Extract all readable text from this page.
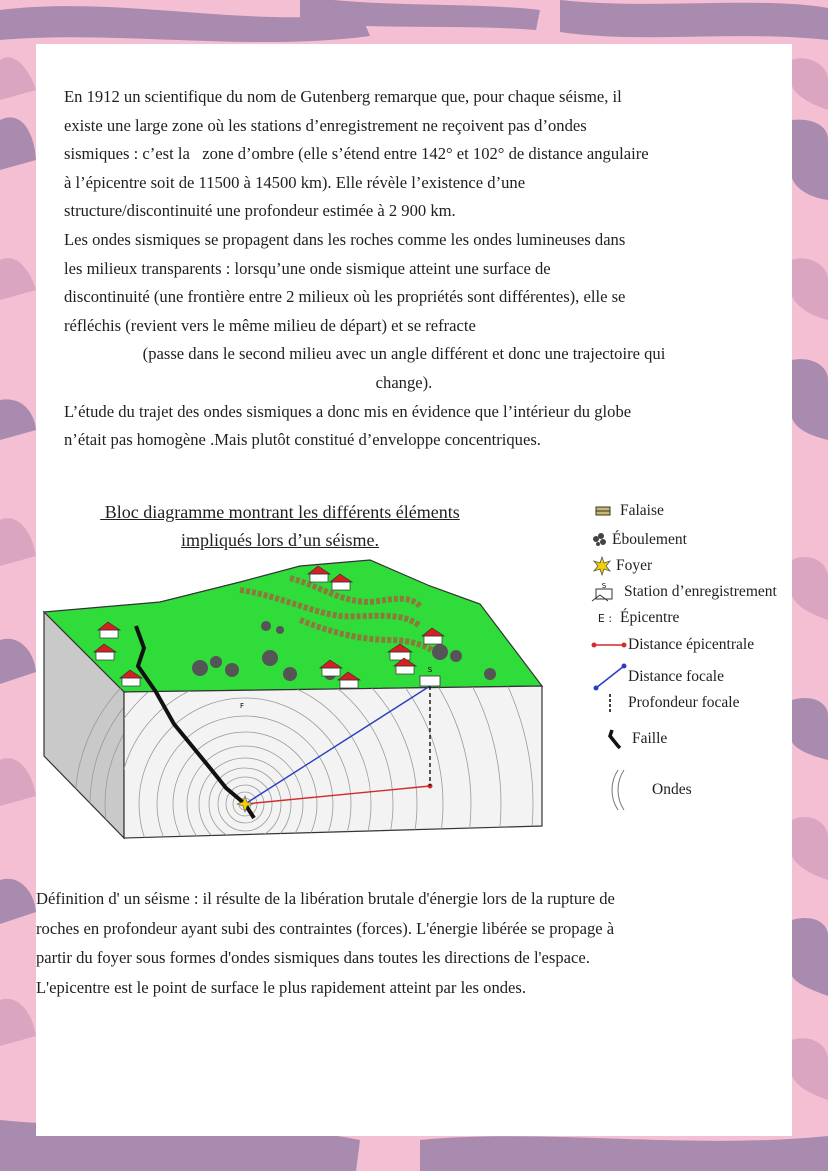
En 1912 un scientifique du nom de Gutenberg remarque que, pour chaque séisme, il

existe une large zone où les stations d’enregistrement ne reçoivent pas d’ondes

sismiques : c’est la   zone d’ombre (elle s’étend entre 142° et 102° de distance angulaire

à l’épicentre soit de 11500 à 14500 km). Elle révèle l’existence d’une

structure/discontinuité une profondeur estimée à 2 900 km.

Les ondes sismiques se propagent dans les roches comme les ondes lumineuses dans

les milieux transparents : lorsqu’une onde sismique atteint une surface de

discontinuité (une frontière entre 2 milieux où les propriétés sont différentes), elle se

réfléchis (revient vers le même milieu de départ) et se refracte

(passe dans le second milieu avec un angle différent et donc une trajectoire qui

change).

L’étude du trajet des ondes sismiques a donc mis en évidence que l’intérieur du globe

n’était pas homogène .Mais plutôt constitué d’enveloppe concentriques.

Bloc diagramme montrant les différents éléments
impliqués lors d’un séisme.
S
F
Falaise
Éboulement
Foyer
S Station d’enregistrement
E : Épicentre
Distance épicentrale
Distance focale
Profondeur focale
Faille
Ondes
Définition d' un séisme : il résulte de la libération brutale d'énergie lors de la rupture de
roches en profondeur ayant subi des contraintes (forces). L'énergie libérée se propage à
partir du foyer sous formes d'ondes sismiques dans toutes les directions de l'espace.
L'epicentre est le point de surface le plus rapidement atteint par les ondes.
